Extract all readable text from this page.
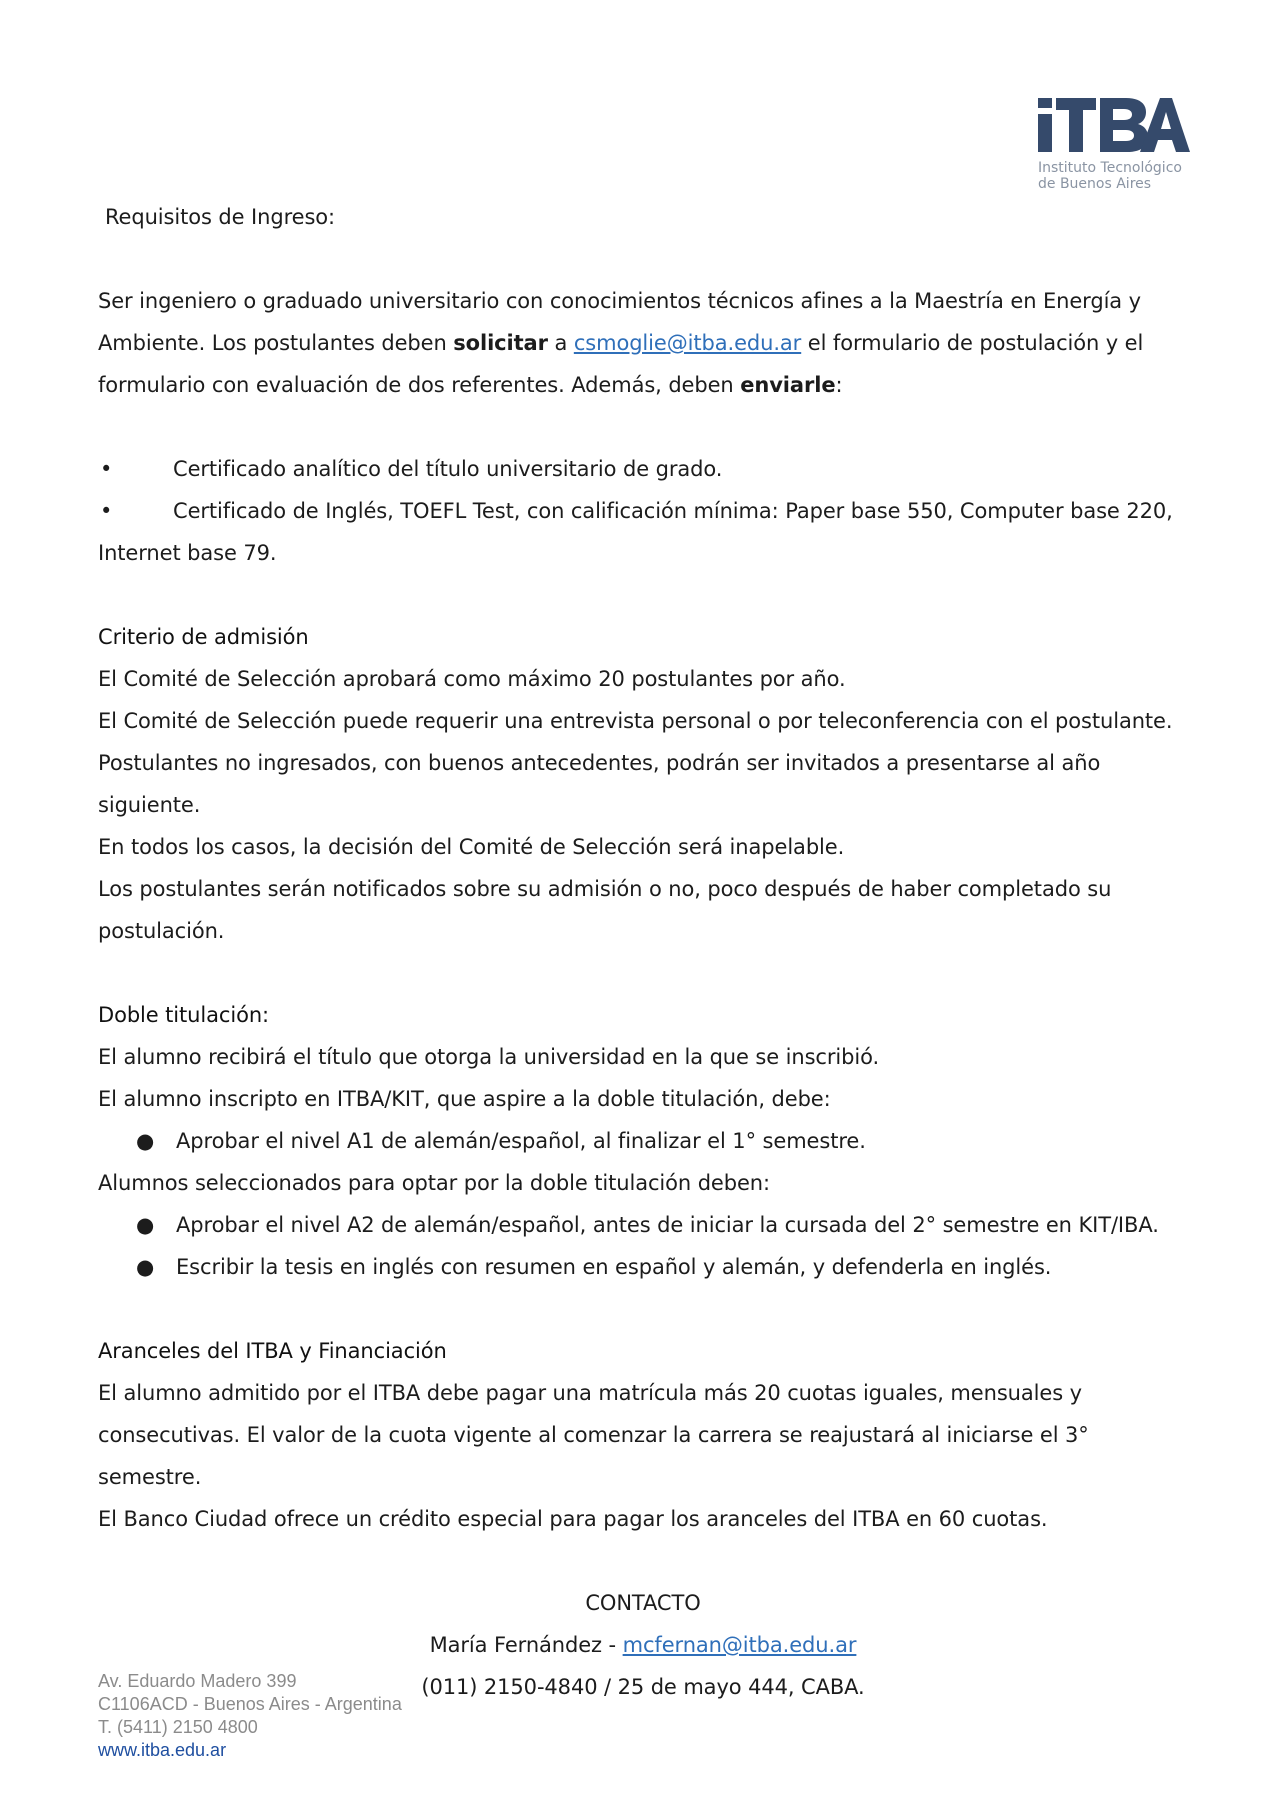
Instituto Tecnológico
de Buenos Aires

Requisitos de Ingreso:

Ser ingeniero o graduado universitario con conocimientos técnicos afines a la Maestría en Energía y Ambiente. Los postulantes deben solicitar a csmoglie@itba.edu.ar el formulario de postulación y el formulario con evaluación de dos referentes. Además, deben enviarle:

•	Certificado analítico del título universitario de grado.

•	Certificado de Inglés, TOEFL Test, con calificación mínima: Paper base 550, Computer base 220,

Internet base 79.

Criterio de admisión

El Comité de Selección aprobará como máximo 20 postulantes por año.

El Comité de Selección puede requerir una entrevista personal o por teleconferencia con el postulante.

Postulantes no ingresados, con buenos antecedentes, podrán ser invitados a presentarse al año siguiente.

En todos los casos, la decisión del Comité de Selección será inapelable.

Los postulantes serán notificados sobre su admisión o no, poco después de haber completado su postulación.

Doble titulación:

El alumno recibirá el título que otorga la universidad en la que se inscribió.

El alumno inscripto en ITBA/KIT, que aspire a la doble titulación, debe:

● Aprobar el nivel A1 de alemán/español, al finalizar el 1° semestre.

Alumnos seleccionados para optar por la doble titulación deben:

● Aprobar el nivel A2 de alemán/español, antes de iniciar la cursada del 2° semestre en KIT/IBA.

● Escribir la tesis en inglés con resumen en español y alemán, y defenderla en inglés.

Aranceles del ITBA y Financiación

El alumno admitido por el ITBA debe pagar una matrícula más 20 cuotas iguales, mensuales y consecutivas. El valor de la cuota vigente al comenzar la carrera se reajustará al iniciarse el 3° semestre.

El Banco Ciudad ofrece un crédito especial para pagar los aranceles del ITBA en 60 cuotas.

CONTACTO

María Fernández - mcfernan@itba.edu.ar

(011) 2150-4840 / 25 de mayo 444, CABA.

Av. Eduardo Madero 399
C1106ACD - Buenos Aires - Argentina
T. (5411) 2150 4800
www.itba.edu.ar
